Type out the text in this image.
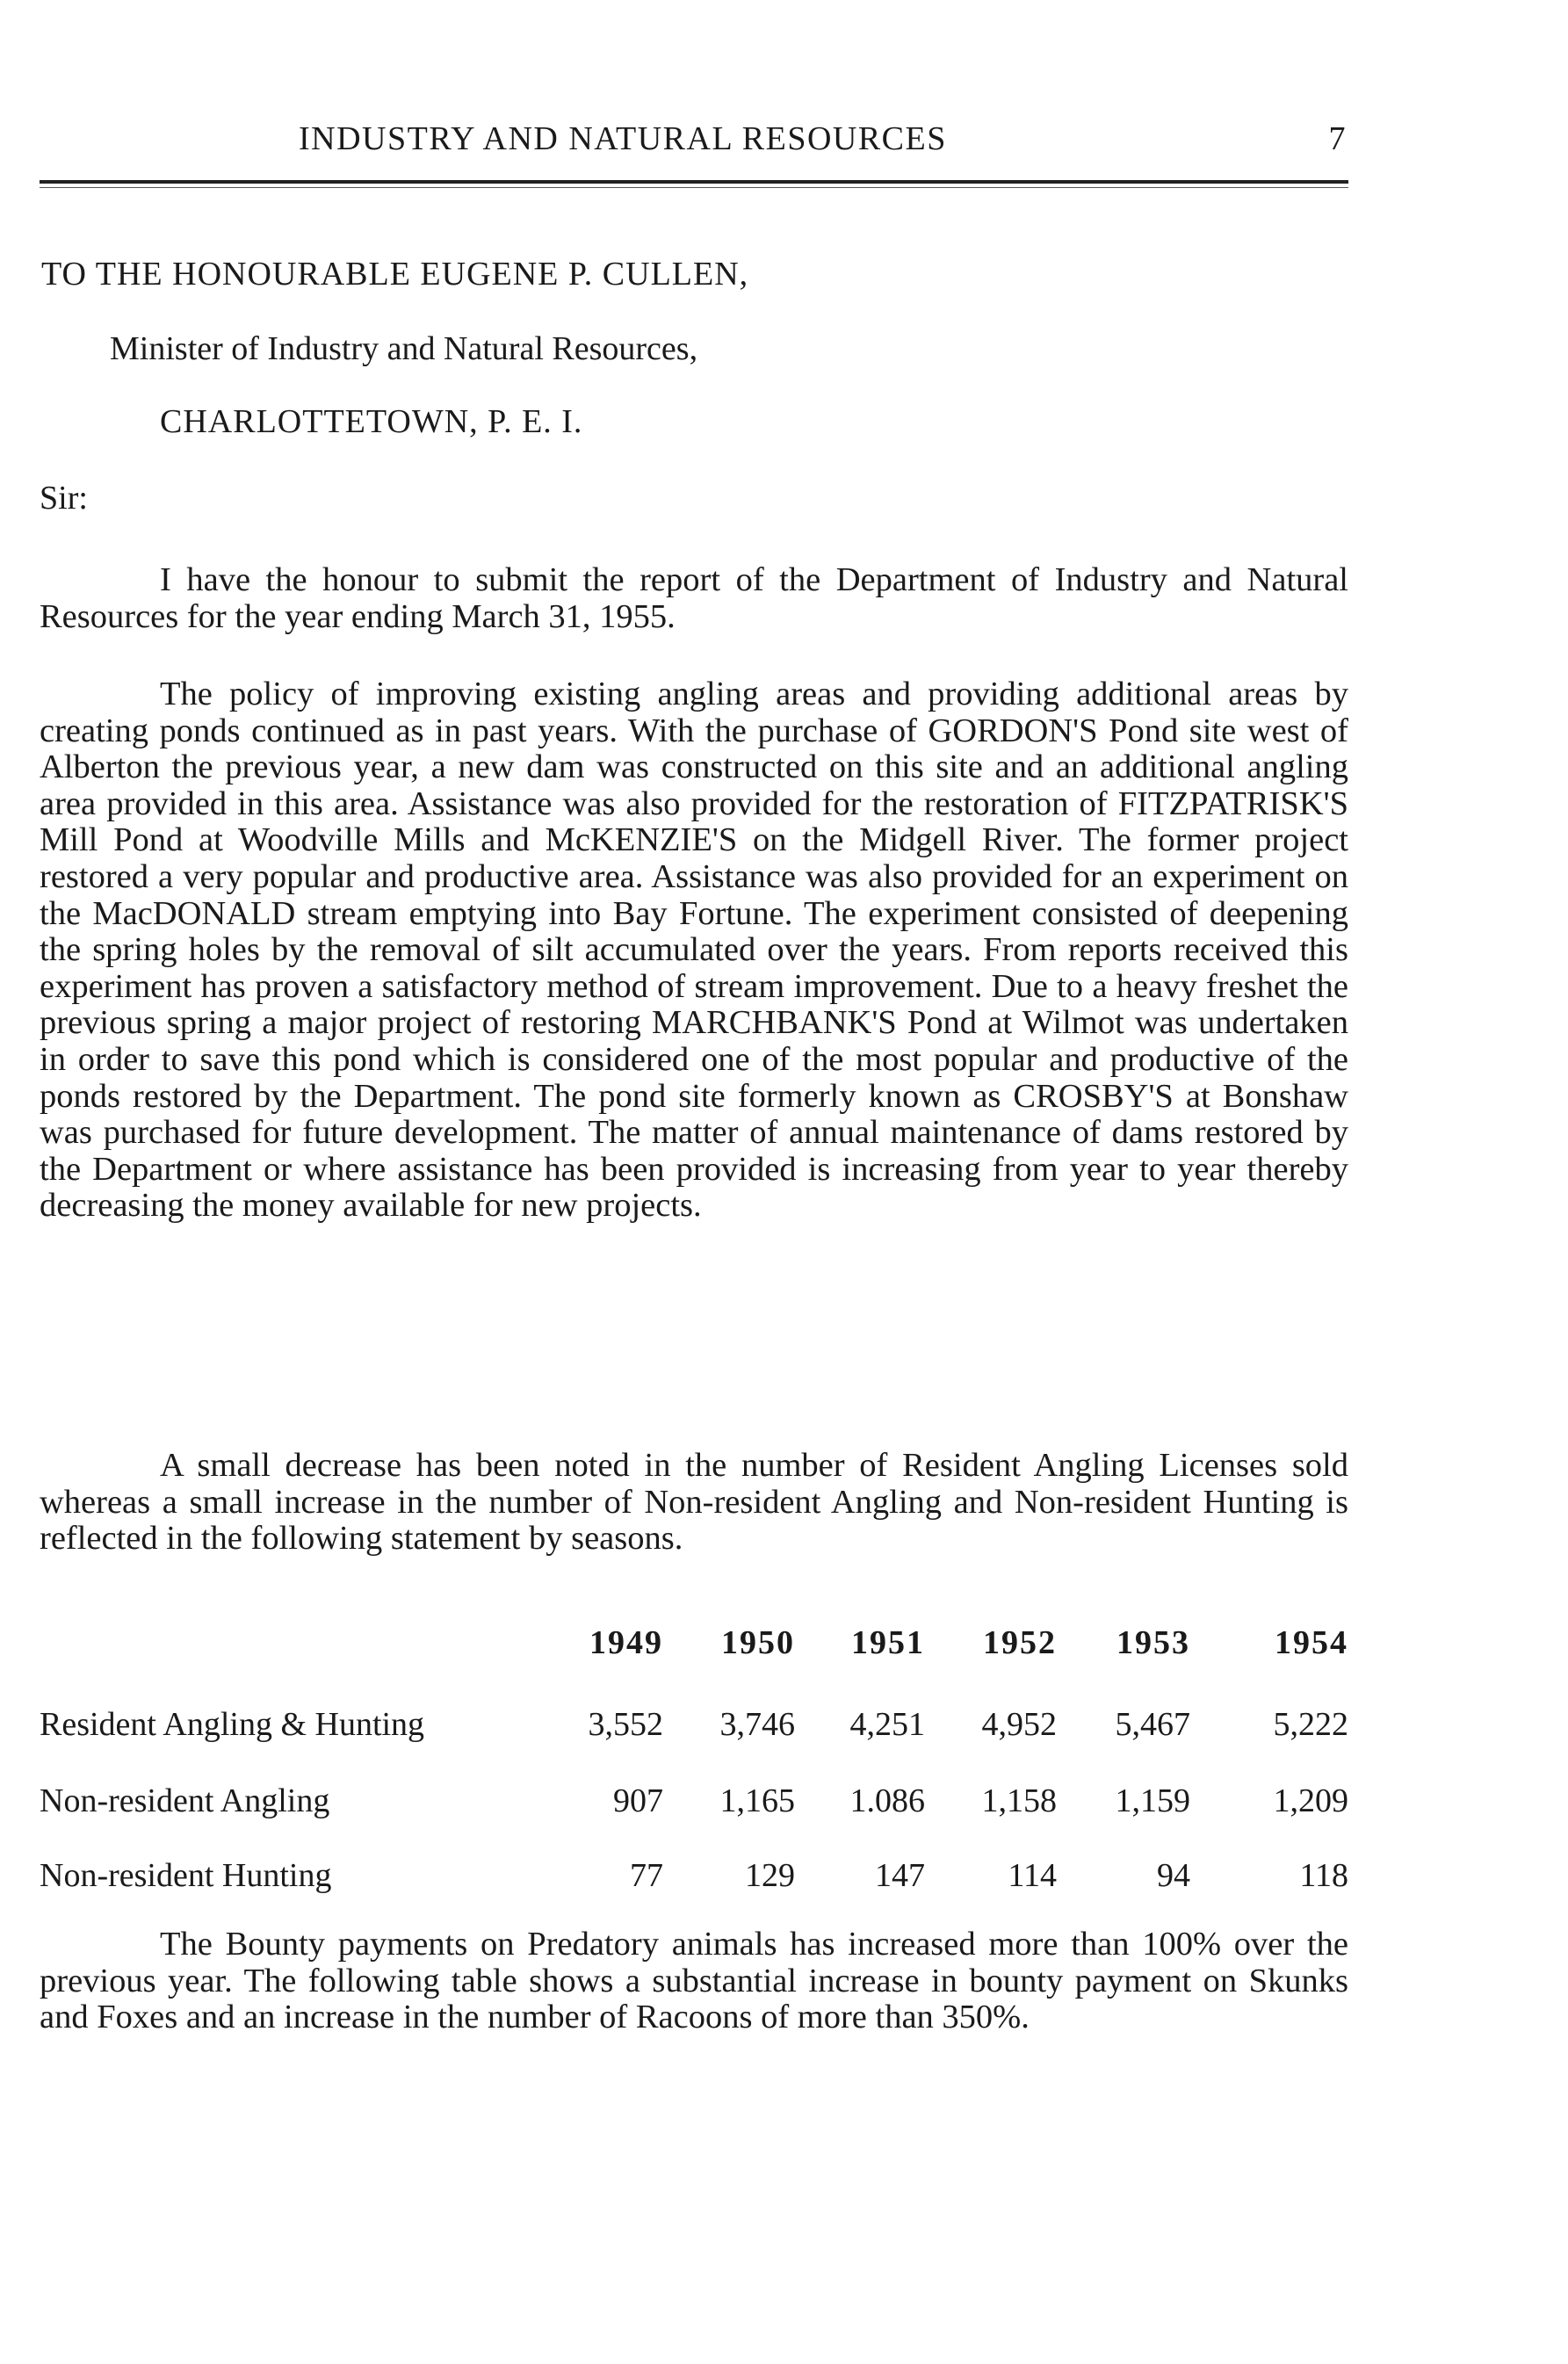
INDUSTRY AND NATURAL RESOURCES	7
TO THE HONOURABLE EUGENE P. CULLEN,
Minister of Industry and Natural Resources,
CHARLOTTETOWN, P. E. I.
Sir:

I have the honour to submit the report of the Department of Industry and Natural Resources for the year ending March 31, 1955.

The policy of improving existing angling areas and providing additional areas by creating ponds continued as in past years. With the purchase of GORDON'S Pond site west of Alberton the previous year, a new dam was constructed on this site and an additional angling area provided in this area. Assistance was also provided for the restoration of FITZPATRISK'S Mill Pond at Woodville Mills and McKENZIE'S on the Midgell River. The former project restored a very popular and productive area. Assistance was also provided for an experiment on the MacDONALD stream emptying into Bay Fortune. The experiment consisted of deepening the spring holes by the removal of silt accumulated over the years. From reports received this experiment has proven a satisfactory method of stream improvement. Due to a heavy freshet the previous spring a major project of restoring MARCHBANK'S Pond at Wilmot was undertaken in order to save this pond which is considered one of the most popular and productive of the ponds restored by the Department. The pond site formerly known as CROSBY'S at Bonshaw was purchased for future development. The matter of annual maintenance of dams restored by the Department or where assistance has been provided is increasing from year to year thereby decreasing the money available for new projects.

A small decrease has been noted in the number of Resident Angling Licenses sold whereas a small increase in the number of Non-resident Angling and Non-resident Hunting is reflected in the following statement by seasons.

1949	1950	1951	1952	1953	1954
Resident Angling & Hunting	3,552	3,746	4,251	4,952	5,467	5,222
Non-resident Angling	907	1,165	1.086	1,158	1,159	1,209
Non-resident Hunting	77	129	147	114	94	118

The Bounty payments on Predatory animals has increased more than 100% over the previous year. The following table shows a substantial increase in bounty payment on Skunks and Foxes and an increase in the number of Racoons of more than 350%.
